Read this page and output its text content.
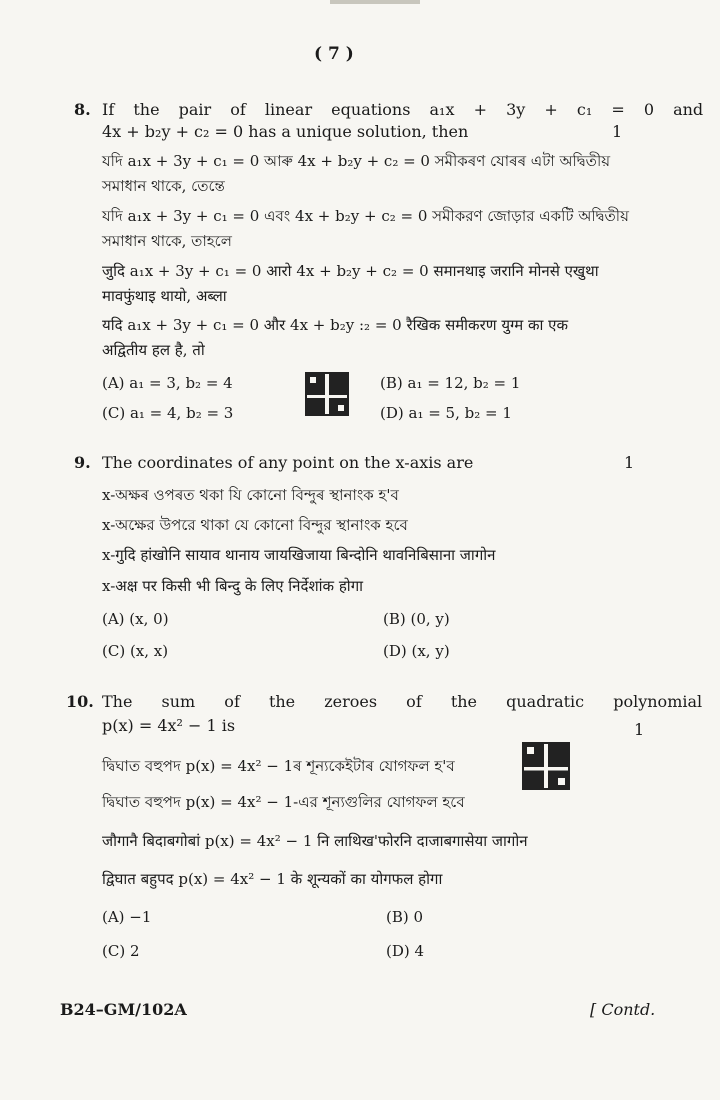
( 7 )
8. If the pair of linear equations a₁x + 3y + c₁ = 0 and
4x + b₂y + c₂ = 0 has a unique solution, then	1
যদি a₁x + 3y + c₁ = 0 আৰু 4x + b₂y + c₂ = 0 সমীকৰণ যোৰৰ এটা অদ্বিতীয়
সমাধান থাকে, তেন্তে
যদি a₁x + 3y + c₁ = 0 এবং 4x + b₂y + c₂ = 0 সমীকরণ জোড়ার একটি অদ্বিতীয়
সমাধান থাকে, তাহলে
जुदि a₁x + 3y + c₁ = 0 आरो 4x + b₂y + c₂ = 0 समानथाइ जरानि मोनसे एखुथा
मावफुंथाइ थायो, अब्ला
यदि a₁x + 3y + c₁ = 0 और 4x + b₂y :₂ = 0 रैखिक समीकरण युग्म का एक
अद्वितीय हल है, तो
(A) a₁ = 3, b₂ = 4	(B) a₁ = 12, b₂ = 1
(C) a₁ = 4, b₂ = 3	(D) a₁ = 5, b₂ = 1
9. The coordinates of any point on the x-axis are	1
x-অক্ষৰ ওপৰত থকা যি কোনো বিন্দুৰ স্থানাংক হ'ব
x-অক্ষের উপরে থাকা যে কোনো বিন্দুর স্থানাংক হবে
x-गुदि हांखोनि सायाव थानाय जायखिजाया बिन्दोनि थावनिबिसाना जागोन
x-अक्ष पर किसी भी बिन्दु के लिए निर्देशांक होगा
(A) (x, 0)	(B) (0, y)
(C) (x, x)	(D) (x, y)
10. The sum of the zeroes of the quadratic polynomial
p(x) = 4x² − 1 is	1
দ্বিঘাত বহুপদ p(x) = 4x² − 1ৰ শূন্যকেইটাৰ যোগফল হ'ব
দ্বিঘাত বহুপদ p(x) = 4x² − 1-এর শূন্যগুলির যোগফল হবে
जौगानै बिदाबगोबां p(x) = 4x² − 1 नि लाथिख'फोरनि दाजाबगासेया जागोन
द्विघात बहुपद p(x) = 4x² − 1 के शून्यकों का योगफल होगा
(A) −1	(B) 0
(C) 2	(D) 4
B24–GM/102A	[ Contd.
